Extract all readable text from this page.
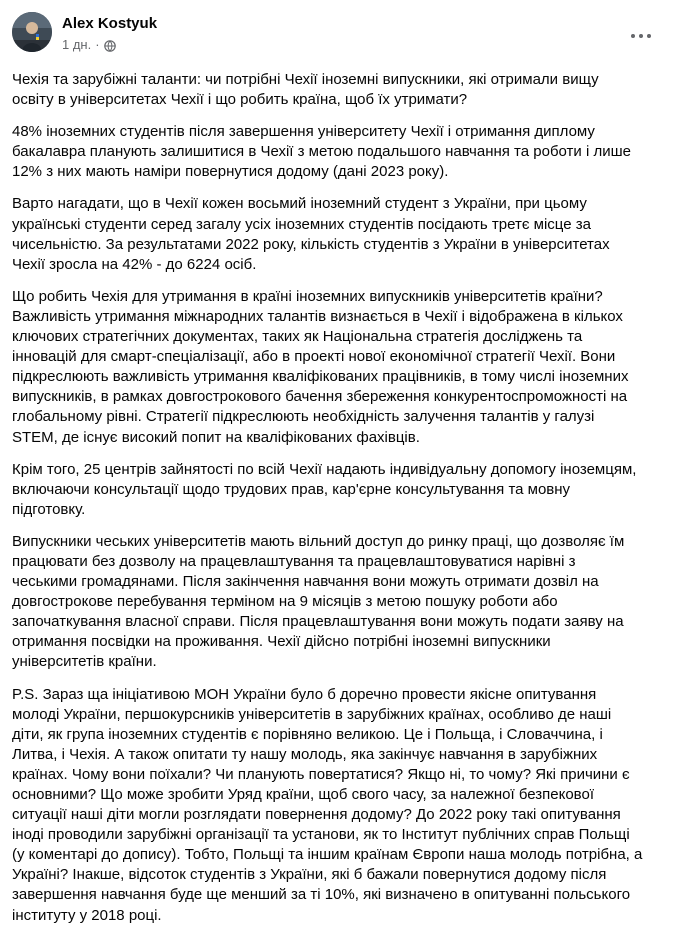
Alex Kostyuk
1 дн. ·

Чехія та зарубіжні таланти: чи потрібні Чехії іноземні випускники, які отримали вищу освіту в університетах Чехії і що робить країна, щоб їх утримати?

48% іноземних студентів після завершення університету Чехії і отримання диплому бакалавра планують залишитися в Чехії з метою подальшого навчання та роботи і лише 12% з них мають наміри повернутися додому (дані 2023 року).

Варто нагадати, що в Чехії кожен восьмий іноземний студент з України, при цьому українські студенти серед загалу усіх іноземних студентів посідають третє місце за чисельністю. За результатами 2022 року, кількість студентів з України в університетах Чехії зросла на 42% - до 6224 осіб.

Що робить Чехія для утримання в країні іноземних випускників університетів країни? Важливість утримання міжнародних талантів визнається в Чехії і відображена в кількох ключових стратегічних документах, таких як Національна стратегія досліджень та інновацій для смарт-спеціалізації, або в проекті нової економічної стратегії Чехії. Вони підкреслюють важливість утримання кваліфікованих працівників, в тому числі іноземних випускників, в рамках довгострокового бачення збереження конкурентоспроможності на глобальному рівні. Стратегії підкреслюють необхідність залучення талантів у галузі STEM, де існує високий попит на кваліфікованих фахівців.

Крім того, 25 центрів зайнятості по всій Чехії надають індивідуальну допомогу іноземцям, включаючи консультації щодо трудових прав, кар'єрне консультування та мовну підготовку.

Випускники чеських університетів мають вільний доступ до ринку праці, що дозволяє їм працювати без дозволу на працевлаштування та працевлаштовуватися нарівні з чеськими громадянами. Після закінчення навчання вони можуть отримати дозвіл на довгострокове перебування терміном на 9 місяців з метою пошуку роботи або започаткування власної справи. Після працевлаштування вони можуть подати заяву на отримання посвідки на проживання. Чехії дійсно потрібні іноземні випускники університетів країни.

P.S. Зараз ща ініціативою МОН України було б доречно провести якісне опитування молоді України, першокурсників університетів в зарубіжних країнах, особливо де наші діти, як група іноземних студентів є порівняно великою. Це і Польща, і Словаччина, і Литва, і Чехія. А також опитати ту нашу молодь, яка закінчує навчання в зарубіжних країнах. Чому вони поїхали? Чи планують повертатися? Якщо ні, то чому? Які причини є основними? Що може зробити Уряд країни, щоб свого часу, за належної безпекової ситуації наші діти могли розглядати повернення додому? До 2022 року такі опитування іноді проводили зарубіжні організації та установи, як то Інститут публічних справ Польщі (у коментарі до допису). Тобто, Польщі та іншим країнам Європи наша молодь потрібна, а Україні? Інакше, відсоток студентів з України, які б бажали повернутися додому після завершення навчання буде ще менший за ті 10%, які визначено в опитуванні польського інституту у 2018 році.
